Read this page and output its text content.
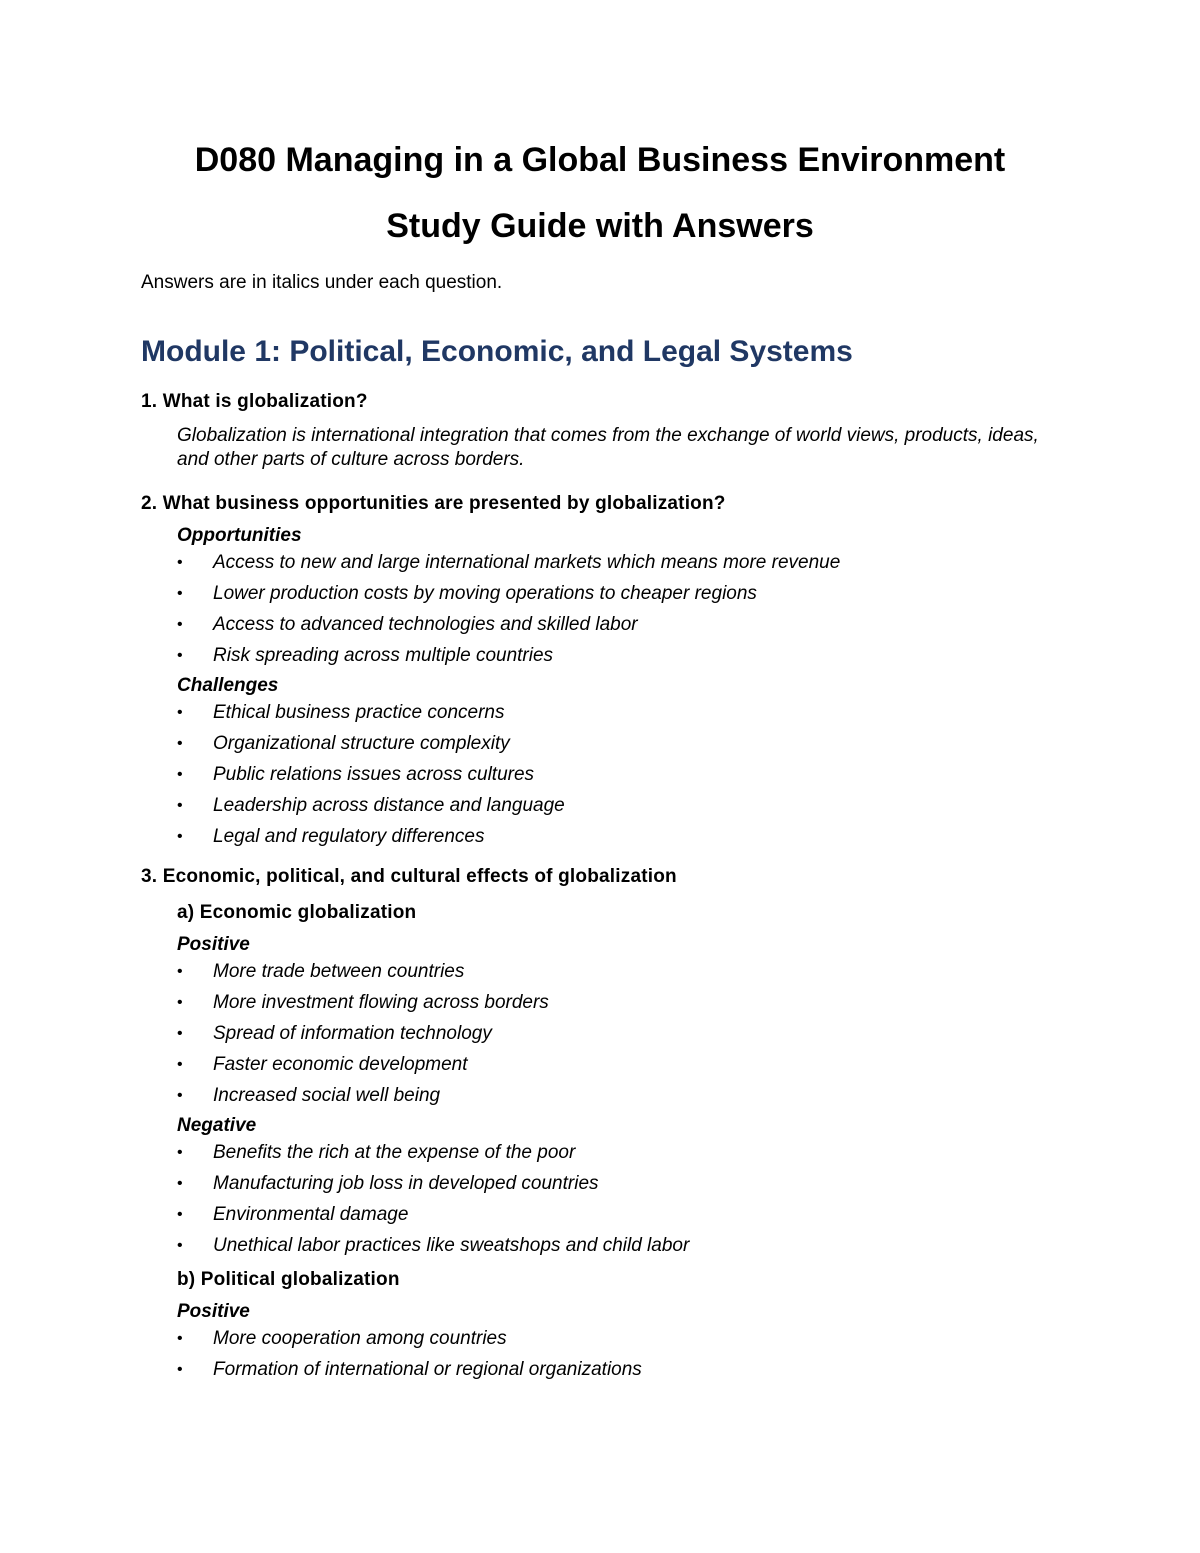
D080 Managing in a Global Business Environment
Study Guide with Answers

Answers are in italics under each question.

Module 1: Political, Economic, and Legal Systems

1. What is globalization?

Globalization is international integration that comes from the exchange of world views, products, ideas, and other parts of culture across borders.

2. What business opportunities are presented by globalization?

Opportunities

• Access to new and large international markets which means more revenue
• Lower production costs by moving operations to cheaper regions
• Access to advanced technologies and skilled labor
• Risk spreading across multiple countries

Challenges

• Ethical business practice concerns
• Organizational structure complexity
• Public relations issues across cultures
• Leadership across distance and language
• Legal and regulatory differences

3. Economic, political, and cultural effects of globalization

a) Economic globalization

Positive

• More trade between countries
• More investment flowing across borders
• Spread of information technology
• Faster economic development
• Increased social well being

Negative

• Benefits the rich at the expense of the poor
• Manufacturing job loss in developed countries
• Environmental damage
• Unethical labor practices like sweatshops and child labor

b) Political globalization

Positive

• More cooperation among countries
• Formation of international or regional organizations
